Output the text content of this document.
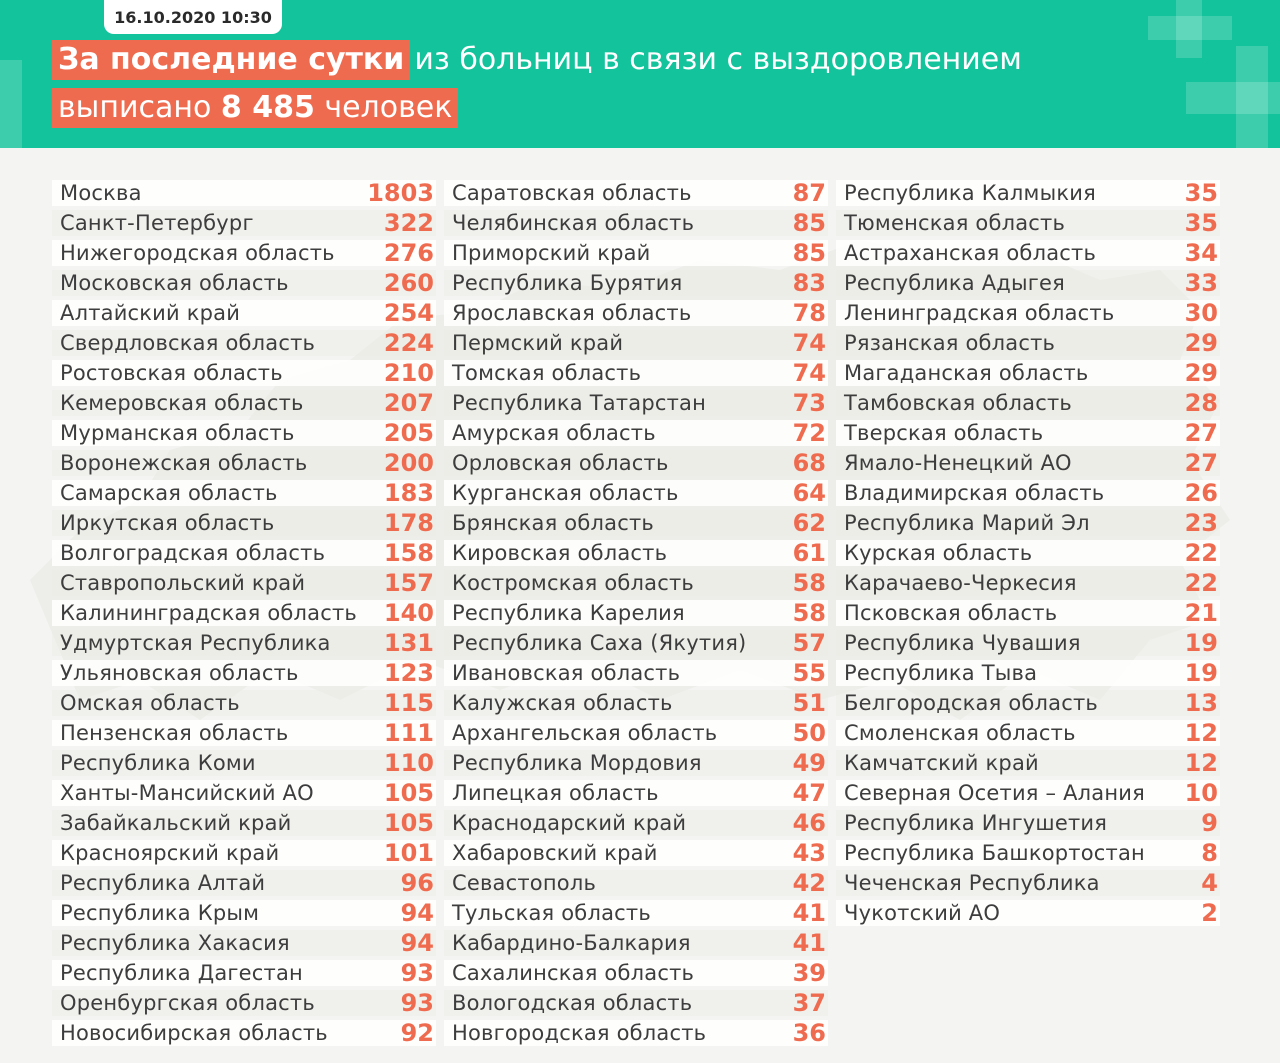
16.10.2020 10:30
За последние сутки из больниц в связи с выздоровлением
выписано 8 485 человек
Москва	1803
Санкт-Петербург	322
Нижегородская область 276
Московская область	260
Алтайский край	254
Свердловская область	224
Ростовская область	210
Кемеровская область	207
Мурманская область	205
Воронежская область	200
Самарская область	183
Иркутская область	178
Волгоградская область 158
Ставропольский край	157
Калининградская область 140
Удмуртская Республика 131
Ульяновская область	123
Омская область	115
Пензенская область	111
Республика Коми	110
Ханты-Мансийский АО	105
Забайкальский край	105
Красноярский край	101
Республика Алтай	96
Республика Крым	94
Республика Хакасия	94
Республика Дагестан	93
Оренбургская область	93
Новосибирская область	92
Саратовская область	87
Челябинская область	85
Приморский край	85
Республика Бурятия	83
Ярославская область	78
Пермский край	74
Томская область	74
Республика Татарстан	73
Амурская область	72
Орловская область	68
Курганская область	64
Брянская область	62
Кировская область	61
Костромская область	58
Республика Карелия	58
Республика Саха (Якутия) 57
Ивановская область	55
Калужская область	51
Архангельская область	50
Республика Мордовия	49
Липецкая область	47
Краснодарский край	46
Хабаровский край	43
Севастополь	42
Тульская область	41
Кабардино-Балкария	41
Сахалинская область	39
Вологодская область	37
Новгородская область	36
Республика Калмыкия	35
Тюменская область	35
Астраханская область	34
Республика Адыгея	33
Ленинградская область	30
Рязанская область	29
Магаданская область	29
Тамбовская область	28
Тверская область	27
Ямало-Ненецкий АО	27
Владимирская область	26
Республика Марий Эл	23
Курская область	22
Карачаево-Черкесия	22
Псковская область	21
Республика Чувашия	19
Республика Тыва	19
Белгородская область	13
Смоленская область	12
Камчатский край	12
Северная Осетия – Алания 10
Республика Ингушетия	9
Республика Башкортостан 8
Чеченская Республика	4
Чукотский АО	2
